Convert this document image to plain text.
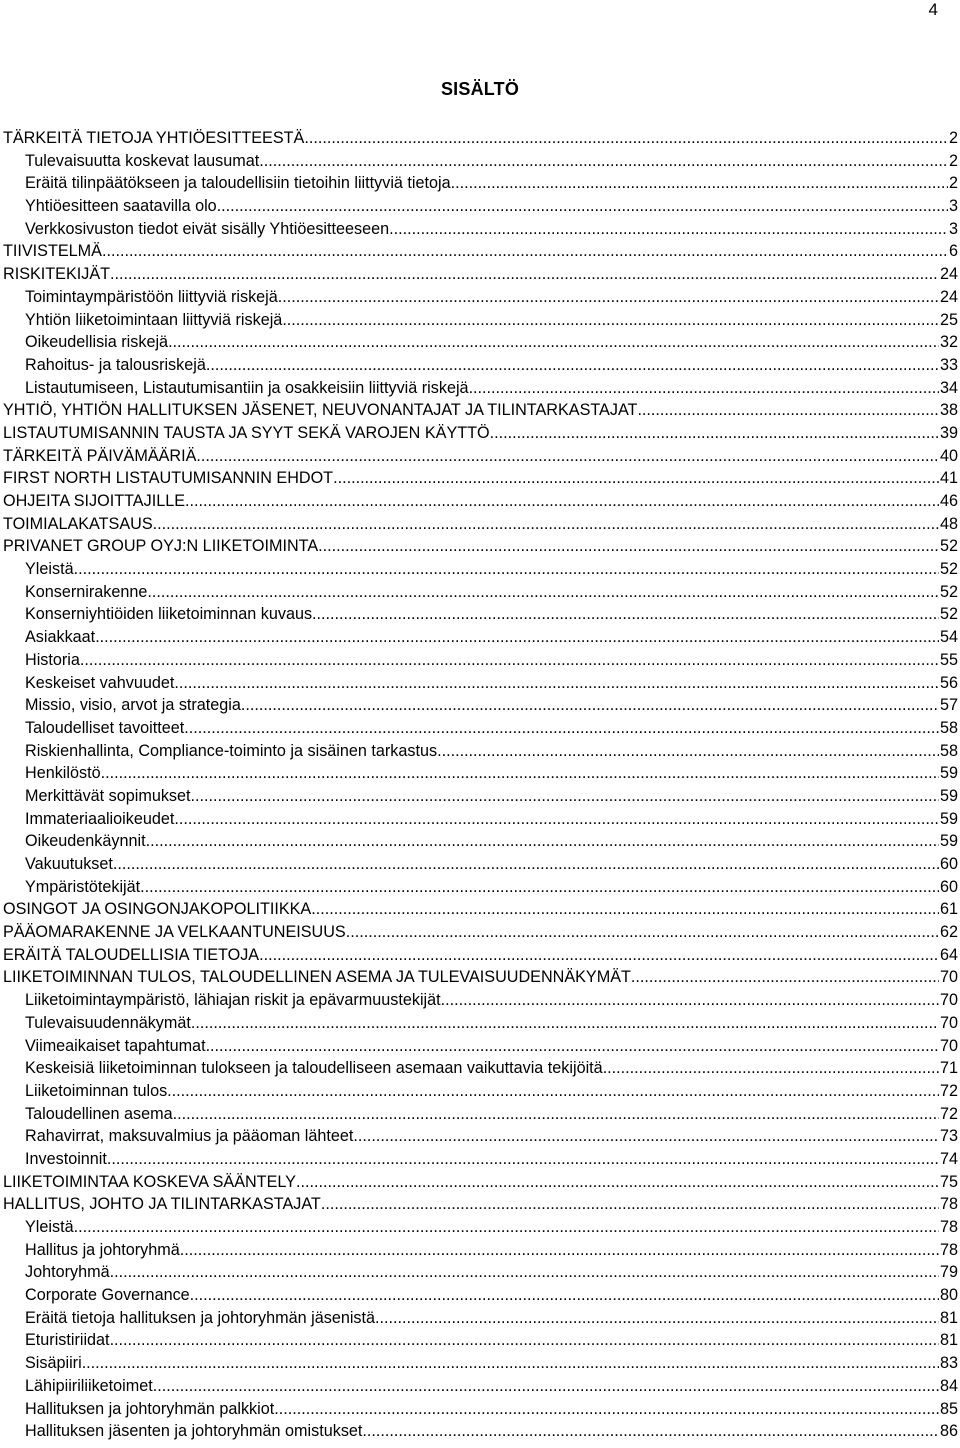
4
SISÄLTÖ
TÄRKEITÄ TIETOJA YHTIÖESITTEESTÄ .....	2
Tulevaisuutta koskevat lausumat .....	2
Eräitä tilinpäätökseen ja taloudellisiin tietoihin liittyviä tietoja .....	2
Yhtiöesitteen saatavilla olo .....	3
Verkkosivuston tiedot eivät sisälly Yhtiöesitteeseen .....	3
TIIVISTELMÄ .....	6
RISKITEKIJÄT .....	24
Toimintaympäristöön liittyviä riskejä .....	24
Yhtiön liiketoimintaan liittyviä riskejä .....	25
Oikeudellisia riskejä .....	32
Rahoitus- ja talousriskejä .....	33
Listautumiseen, Listautumisantiin ja osakkeisiin liittyviä riskejä .....	34
YHTIÖ, YHTIÖN HALLITUKSEN JÄSENET, NEUVONANTAJAT JA TILINTARKASTAJAT .....	38
LISTAUTUMISANNIN TAUSTA JA SYYT SEKÄ VAROJEN KÄYTTÖ .....	39
TÄRKEITÄ PÄIVÄMÄÄRIÄ .....	40
FIRST NORTH LISTAUTUMISANNIN EHDOT .....	41
OHJEITA SIJOITTAJILLE .....	46
TOIMIALAKATSAUS .....	48
PRIVANET GROUP OYJ:N LIIKETOIMINTA .....	52
Yleistä .....	52
Konsernirakenne .....	52
Konserniyhtiöiden liiketoiminnan kuvaus .....	52
Asiakkaat .....	54
Historia .....	55
Keskeiset vahvuudet .....	56
Missio, visio, arvot ja strategia .....	57
Taloudelliset tavoitteet .....	58
Riskienhallinta, Compliance-toiminto ja sisäinen tarkastus .....	58
Henkilöstö .....	59
Merkittävät sopimukset .....	59
Immateriaalioikeudet .....	59
Oikeudenkäynnit .....	59
Vakuutukset .....	60
Ympäristötekijät .....	60
OSINGOT JA OSINGONJAKOPOLITIIKKA .....	61
PÄÄOMARAKENNE JA VELKAANTUNEISUUS .....	62
ERÄITÄ TALOUDELLISIA TIETOJA .....	64
LIIKETOIMINNAN TULOS, TALOUDELLINEN ASEMA JA TULEVAISUUDENNÄKYMÄT .....	70
Liiketoimintaympäristö, lähiajan riskit ja epävarmuustekijät .....	70
Tulevaisuudennäkymät .....	70
Viimeaikaiset tapahtumat .....	70
Keskeisiä liiketoiminnan tulokseen ja taloudelliseen asemaan vaikuttavia tekijöitä .....	71
Liiketoiminnan tulos .....	72
Taloudellinen asema .....	72
Rahavirrat, maksuvalmius ja pääoman lähteet .....	73
Investoinnit .....	74
LIIKETOIMINTAA KOSKEVA SÄÄNTELY .....	75
HALLITUS, JOHTO JA TILINTARKASTAJAT .....	78
Yleistä .....	78
Hallitus ja johtoryhmä .....	78
Johtoryhmä .....	79
Corporate Governance .....	80
Eräitä tietoja hallituksen ja johtoryhmän jäsenistä .....	81
Eturistiriidat .....	81
Sisäpiiri .....	83
Lähipiiriliiketoimet .....	84
Hallituksen ja johtoryhmän palkkiot .....	85
Hallituksen jäsenten ja johtoryhmän omistukset .....	86
